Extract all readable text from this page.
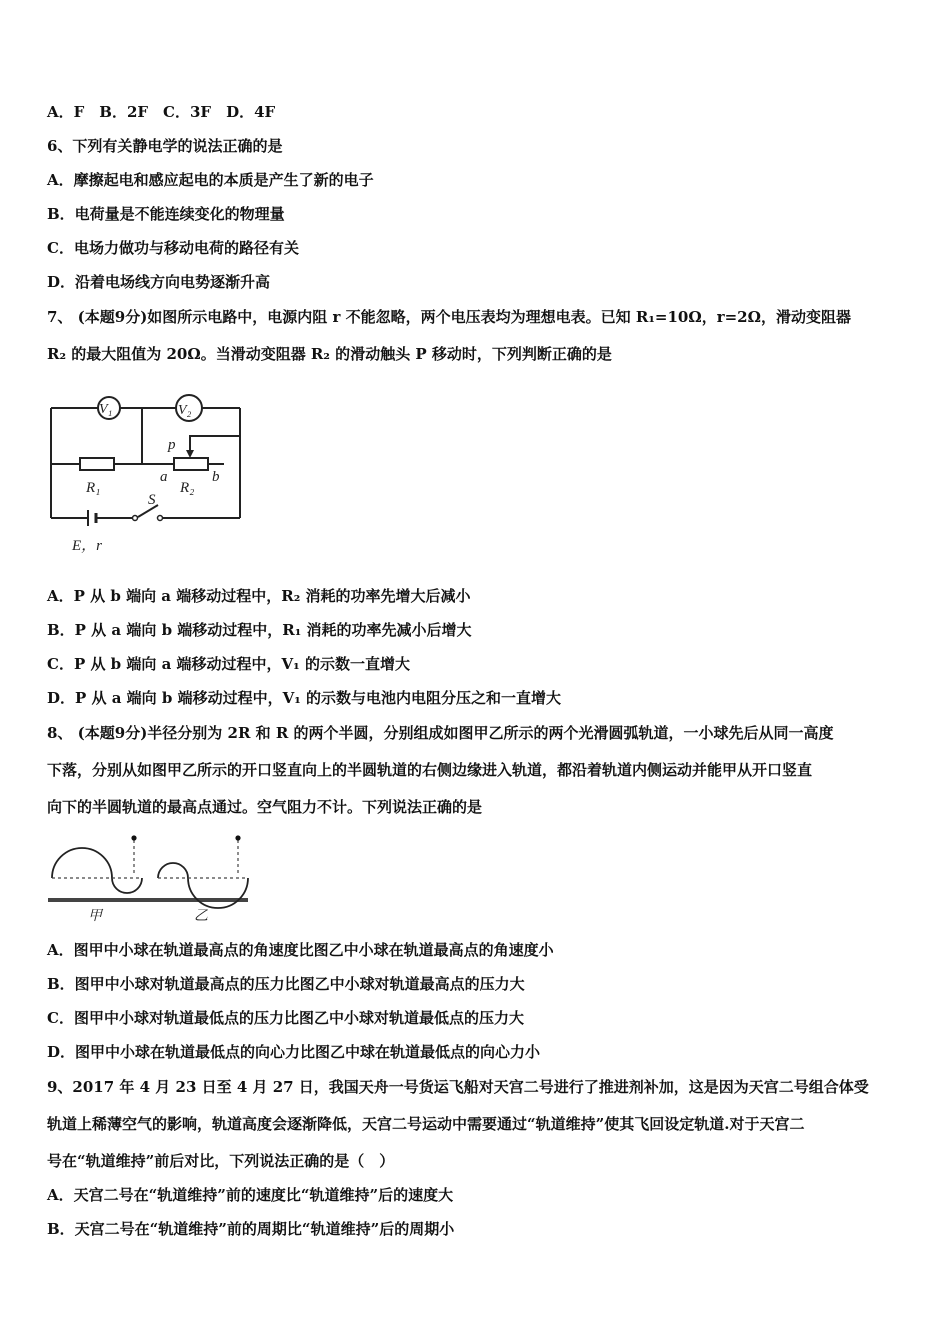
A．F　B．2F　C．3F　D．4F
6、下列有关静电学的说法正确的是
A．摩擦起电和感应起电的本质是产生了新的电子
B．电荷量是不能连续变化的物理量
C．电场力做功与移动电荷的路径有关
D．沿着电场线方向电势逐渐升高
7、 (本题9分)如图所示电路中，电源内阻 r 不能忽略，两个电压表均为理想电表。已知 R₁=10Ω，r=2Ω，滑动变阻器
R₂ 的最大阻值为 20Ω。当滑动变阻器 R₂ 的滑动触头 P 移动时，下列判断正确的是
V₁	V₂
p
R₁	R₂
a	b
S
E，r
A．P 从 b 端向 a 端移动过程中，R₂ 消耗的功率先增大后减小
B．P 从 a 端向 b 端移动过程中，R₁ 消耗的功率先减小后增大
C．P 从 b 端向 a 端移动过程中，V₁ 的示数一直增大
D．P 从 a 端向 b 端移动过程中，V₁ 的示数与电池内电阻分压之和一直增大
8、 (本题9分)半径分别为 2R 和 R 的两个半圆，分别组成如图甲乙所示的两个光滑圆弧轨道，一小球先后从同一高度
下落，分别从如图甲乙所示的开口竖直向上的半圆轨道的右侧边缘进入轨道，都沿着轨道内侧运动并能甲从开口竖直
向下的半圆轨道的最高点通过。空气阻力不计。下列说法正确的是
甲	乙
A．图甲中小球在轨道最高点的角速度比图乙中小球在轨道最高点的角速度小
B．图甲中小球对轨道最高点的压力比图乙中小球对轨道最高点的压力大
C．图甲中小球对轨道最低点的压力比图乙中小球对轨道最低点的压力大
D．图甲中小球在轨道最低点的向心力比图乙中球在轨道最低点的向心力小
9、2017 年 4 月 23 日至 4 月 27 日，我国天舟一号货运飞船对天宫二号进行了推进剂补加，这是因为天宫二号组合体受
轨道上稀薄空气的影响，轨道高度会逐渐降低，天宫二号运动中需要通过“轨道维持”使其飞回设定轨道.对于天宫二
号在“轨道维持”前后对比，下列说法正确的是（　）
A．天宫二号在“轨道维持”前的速度比“轨道维持”后的速度大
B．天宫二号在“轨道维持”前的周期比“轨道维持”后的周期小
